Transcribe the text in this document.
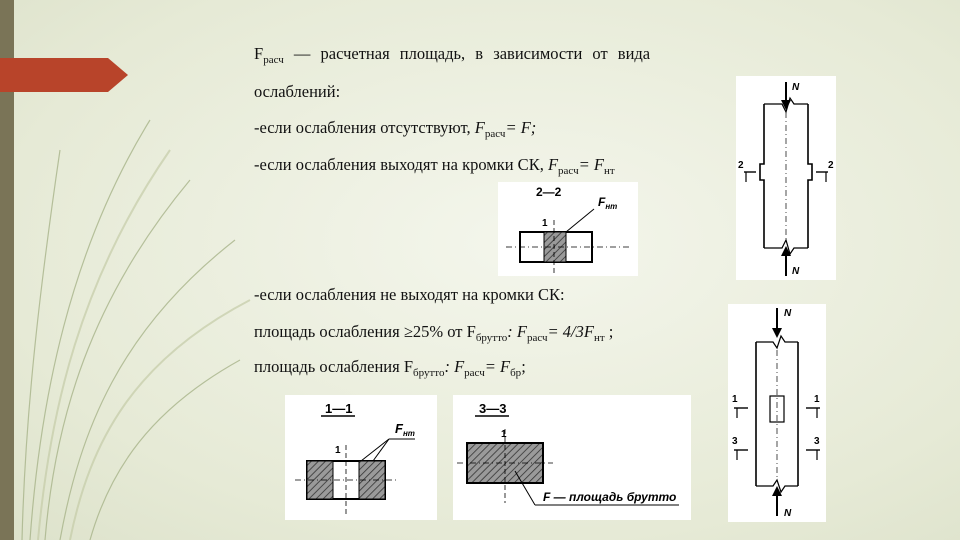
$F_{расч}$ — расчетная площадь, в зависимости от вида
ослаблений:
-если ослабления отсутствуют, $F_{расч}= F$;
-если ослабления выходят на кромки СК, $F_{расч}= F_{нт}$
-если ослабления не выходят на кромки СК:
площадь ослабления ≥25% от $F_{брутто}$: $F_{расч}= 4/3F_{нт}$ ;
площадь ослабления $F_{брутто}$: $F_{расч}= F_{бр}$;
2—2
$F_{нт}$
1
N
2	2
N
N
1	1
3	3
N
1—1
$F_{нт}$
1
3—3
1
F — площадь брутто
